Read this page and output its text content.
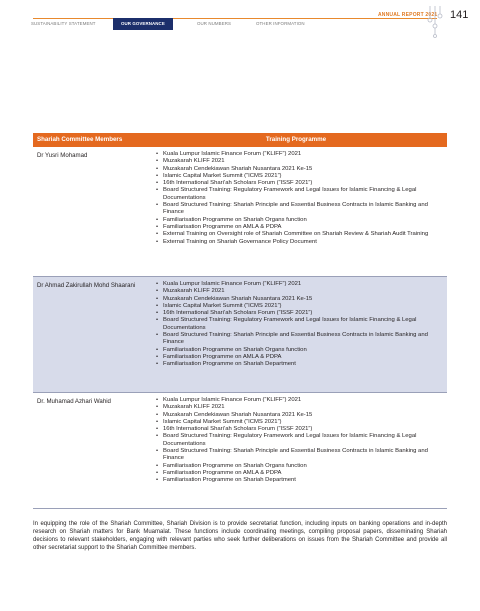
SUSTAINABILITY STATEMENT	OUR GOVERNANCE	OUR NUMBERS	OTHER INFORMATION
ANNUAL REPORT 2021 141
Shariah Committee Members	Training Programme
Dr Yusri Mohamad	• Kuala Lumpur Islamic Finance Forum (“KLIFF”) 2021
• Muzakarah KLIFF 2021
• Muzakarah Cendekiawan Shariah Nusantara 2021 Ke-15
• Islamic Capital Market Summit (“ICMS 2021”)
• 16th International Shari’ah Scholars Forum (“ISSF 2021”)
• Board Structured Training: Regulatory Framework and Legal Issues for Islamic Financing & Legal Documentations
• Board Structured Training: Shariah Principle and Essential Business Contracts in Islamic Banking and Finance
• Familiarisation Programme on Shariah Organs function
• Familiarisation Programme on AMLA & PDPA
• External Training on Oversight role of Shariah Committee on Shariah Review & Shariah Audit Training
• External Training on Shariah Governance Policy Document
Dr Ahmad Zakirullah Mohd Shaarani	• Kuala Lumpur Islamic Finance Forum (“KLIFF”) 2021
• Muzakarah KLIFF 2021
• Muzakarah Cendekiawan Shariah Nusantara 2021 Ke-15
• Islamic Capital Market Summit (“ICMS 2021”)
• 16th International Shari’ah Scholars Forum (“ISSF 2021”)
• Board Structured Training: Regulatory Framework and Legal Issues for Islamic Financing & Legal Documentations
• Board Structured Training: Shariah Principle and Essential Business Contracts in Islamic Banking and Finance
• Familiarisation Programme on Shariah Organs function
• Familiarisation Programme on AMLA & PDPA
• Familiarisation Programme on Shariah Department
Dr. Muhamad Azhari Wahid	• Kuala Lumpur Islamic Finance Forum (“KLIFF”) 2021
• Muzakarah KLIFF 2021
• Muzakarah Cendekiawan Shariah Nusantara 2021 Ke-15
• Islamic Capital Market Summit (“ICMS 2021”)
• 16th International Shari’ah Scholars Forum (“ISSF 2021”)
• Board Structured Training: Regulatory Framework and Legal Issues for Islamic Financing & Legal Documentations
• Board Structured Training: Shariah Principle and Essential Business Contracts in Islamic Banking and Finance
• Familiarisation Programme on Shariah Organs function
• Familiarisation Programme on AMLA & PDPA
• Familiarisation Programme on Shariah Department
In equipping the role of the Shariah Committee, Shariah Division is to provide secretariat function, including inputs on banking operations and in-depth research on Shariah matters for Bank Muamalat. These functions include coordinating meetings, compiling proposal papers, disseminating Shariah decisions to relevant stakeholders, engaging with relevant parties who seek further deliberations on issues from the Shariah Committee and provide all other secretariat support to the Shariah Committee members.
